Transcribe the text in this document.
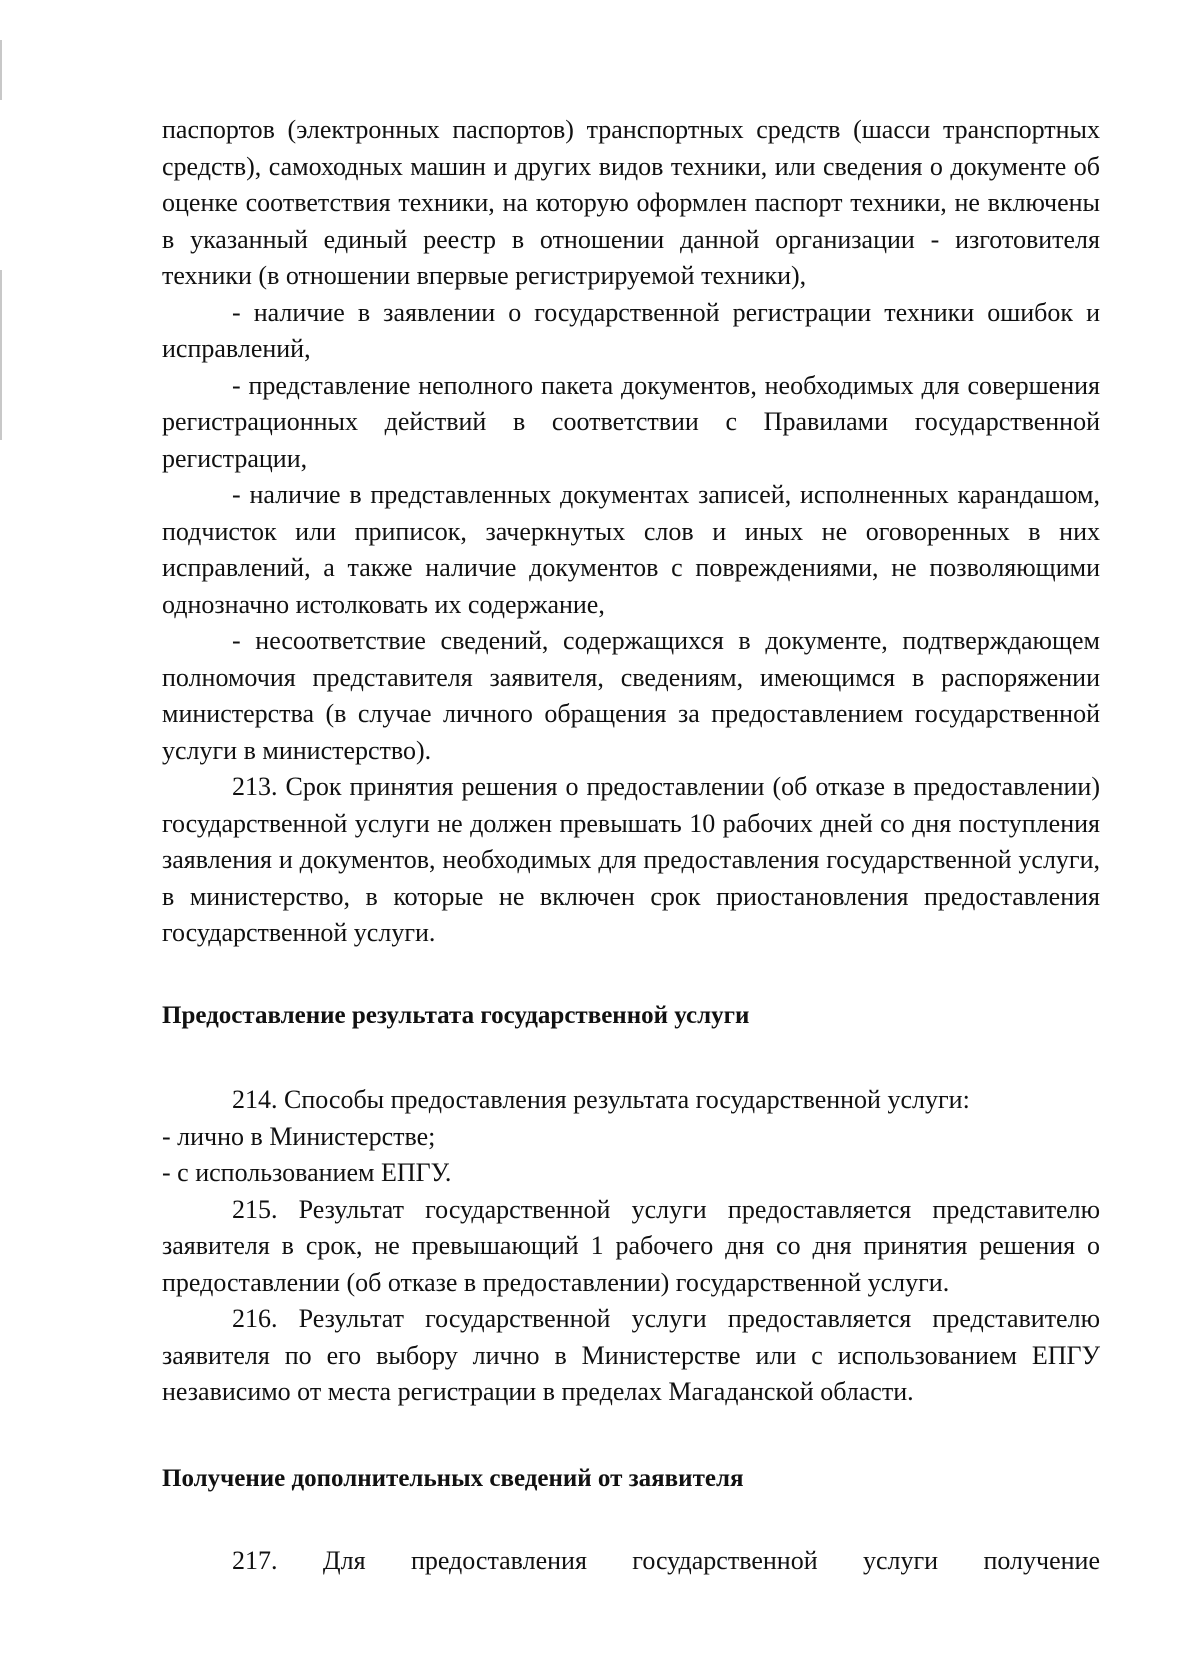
паспортов (электронных паспортов) транспортных средств (шасси транспортных средств), самоходных машин и других видов техники, или сведения о документе об оценке соответствия техники, на которую оформлен паспорт техники, не включены в указанный единый реестр в отношении данной организации - изготовителя техники (в отношении впервые регистрируемой техники),

- наличие в заявлении о государственной регистрации техники ошибок и исправлений,

- представление неполного пакета документов, необходимых для совершения регистрационных действий в соответствии с Правилами государственной регистрации,

- наличие в представленных документах записей, исполненных карандашом, подчисток или приписок, зачеркнутых слов и иных не оговоренных в них исправлений, а также наличие документов с повреждениями, не позволяющими однозначно истолковать их содержание,

- несоответствие сведений, содержащихся в документе, подтверждающем полномочия представителя заявителя, сведениям, имеющимся в распоряжении министерства (в случае личного обращения за предоставлением государственной услуги в министерство).

213. Срок принятия решения о предоставлении (об отказе в предоставлении) государственной услуги не должен превышать 10 рабочих дней со дня поступления заявления и документов, необходимых для предоставления государственной услуги, в министерство, в которые не включен срок приостановления предоставления государственной услуги.

Предоставление результата государственной услуги

214. Способы предоставления результата государственной услуги:

- лично в Министерстве;

- с использованием ЕПГУ.

215. Результат государственной услуги предоставляется представителю заявителя в срок, не превышающий 1 рабочего дня со дня принятия решения о предоставлении (об отказе в предоставлении) государственной услуги.

216. Результат государственной услуги предоставляется представителю заявителя по его выбору лично в Министерстве или с использованием ЕПГУ независимо от места регистрации в пределах Магаданской области.

Получение дополнительных сведений от заявителя

217. Для предоставления государственной услуги получение
